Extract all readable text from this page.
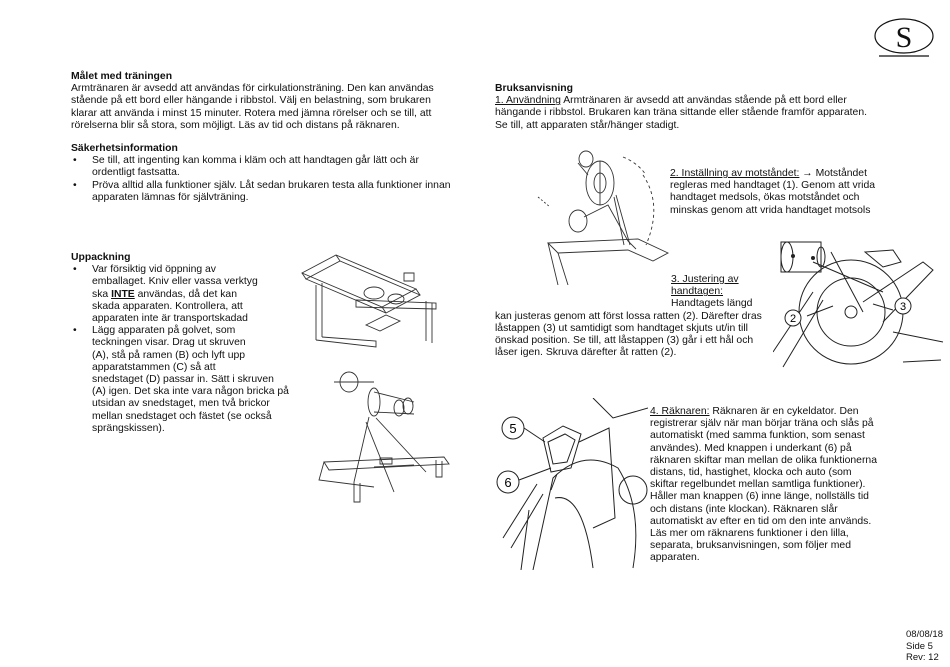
S

Målet med träningen

Armtränaren är avsedd att användas för cirkulationsträning. Den kan användas

stående på ett bord eller hängande i ribbstol. Välj en belastning, som brukaren

klarar att använda i minst 15 minuter. Rotera med jämna rörelser och se till, att

rörelserna blir så stora, som möjligt. Läs av tid och distans på räknaren.

Säkerhetsinformation

• Se till, att ingenting kan komma i kläm och att handtagen går lätt och är
ordentligt fastsatta.
• Pröva alltid alla funktioner själv. Låt sedan brukaren testa alla funktioner innan
apparaten lämnas för självträning.

Uppackning

• Var försiktig vid öppning av
emballaget. Kniv eller vassa verktyg
ska INTE användas, då det kan
skada apparaten. Kontrollera, att
apparaten inte är transportskadad
• Lägg apparaten på golvet, som
teckningen visar. Drag ut skruven
(A), stå på ramen (B) och lyft upp
apparatstammen (C) så att
snedstaget (D) passar in. Sätt i skruven
(A) igen. Det ska inte vara någon bricka på
utsidan av snedstaget, men två brickor
mellan snedstaget och fästet (se också
sprängskissen).

Bruksanvisning

1. Användning Armtränaren är avsedd att användas stående på ett bord eller
hängande i ribbstol. Brukaren kan träna sittande eller stående framför apparaten.
Se till, att apparaten står/hänger stadigt.
2. Inställning av motståndet: → Motståndet
regleras med handtaget (1). Genom att vrida
handtaget medsols, ökas motståndet och
minskas genom att vrida handtaget motsols
2
3
3. Justering av
handtagen:
Handtagets längd
kan justeras genom att först lossa ratten (2). Därefter dras
låstappen (3) ut samtidigt som handtaget skjuts ut/in till
önskad position. Se till, att låstappen (3) går i ett hål och
låser igen. Skruva därefter åt ratten (2).
5
6
4. Räknaren: Räknaren är en cykeldator. Den
registrerar själv när man börjar träna och slås på
automatiskt (med samma funktion, som senast
användes). Med knappen i underkant (6) på
räknaren skiftar man mellan de olika funktionerna
distans, tid, hastighet, klocka och auto (som
skiftar regelbundet mellan samtliga funktioner).
Håller man knappen (6) inne länge, nollställs tid
och distans (inte klockan). Räknaren slår
automatiskt av efter en tid om den inte används.
Läs mer om räknarens funktioner i den lilla,
separata, bruksanvisningen, som följer med
apparaten.
08/08/18
Side 5
Rev: 12
